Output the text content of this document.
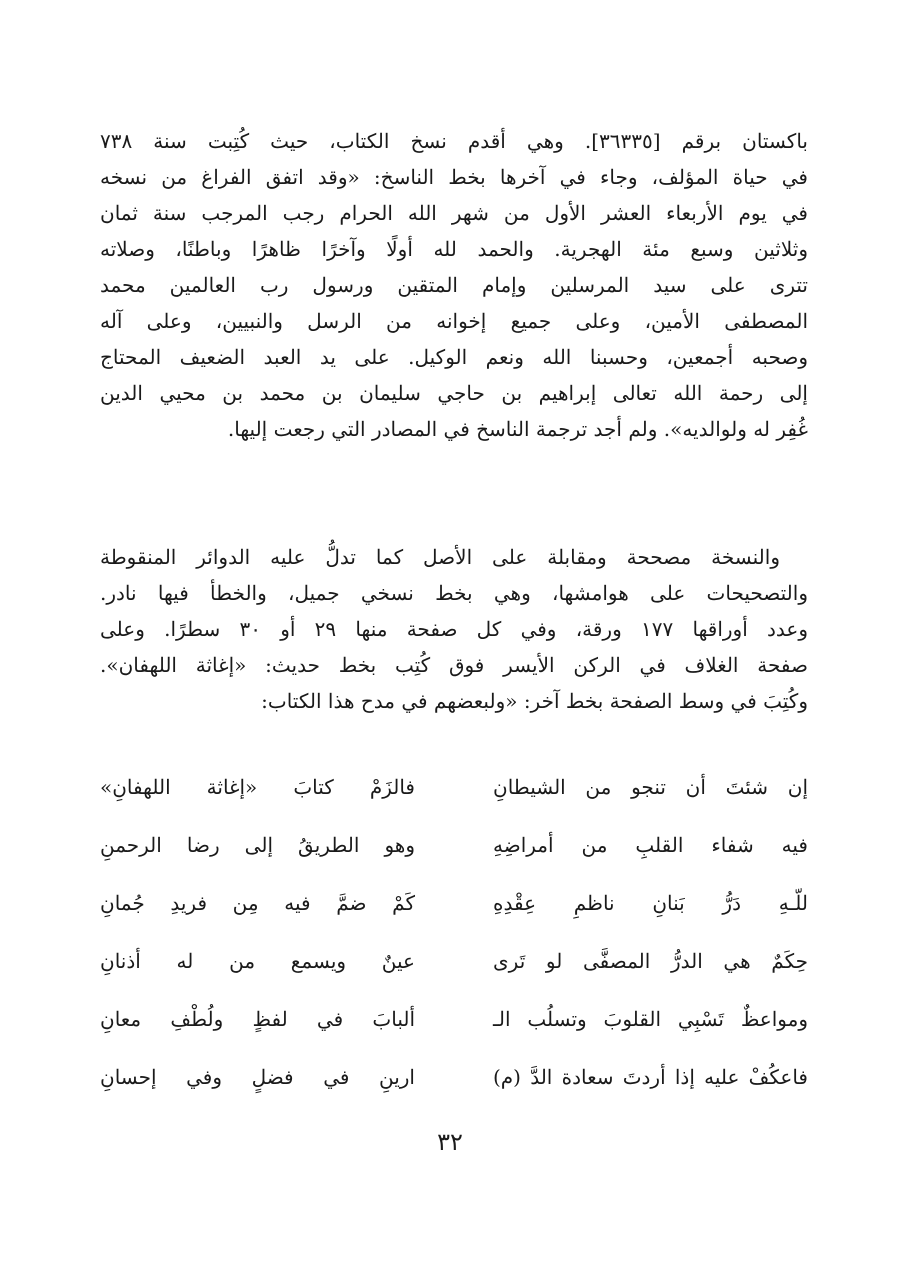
باكستان برقم [٣٦٣٣٥]. وهي أقدم نسخ الكتاب، حيث كُتِبت سنة ٧٣٨
في حياة المؤلف، وجاء في آخرها بخط الناسخ: «وقد اتفق الفراغ من نسخه
في يوم الأربعاء العشر الأول من شهر الله الحرام رجب المرجب سنة ثمان
وثلاثين وسبع مئة الهجرية. والحمد لله أولًا وآخرًا ظاهرًا وباطنًا، وصلاته
تترى على سيد المرسلين وإمام المتقين ورسول رب العالمين محمد
المصطفى الأمين، وعلى جميع إخوانه من الرسل والنبيين، وعلى آله
وصحبه أجمعين، وحسبنا الله ونعم الوكيل. على يد العبد الضعيف المحتاج
إلى رحمة الله تعالى إبراهيم بن حاجي سليمان بن محمد بن محيي الدين
غُفِر له ولوالديه». ولم أجد ترجمة الناسخ في المصادر التي رجعت إليها.
والنسخة مصححة ومقابلة على الأصل كما تدلُّ عليه الدوائر المنقوطة
والتصحيحات على هوامشها، وهي بخط نسخي جميل، والخطأ فيها نادر.
وعدد أوراقها ١٧٧ ورقة، وفي كل صفحة منها ٢٩ أو ٣٠ سطرًا. وعلى
صفحة الغلاف في الركن الأيسر فوق كُتِب بخط حديث: «إغاثة اللهفان».
وكُتِبَ في وسط الصفحة بخط آخر: «ولبعضهم في مدح هذا الكتاب:
إن شئتَ أن تنجو من الشيطانِ
فالزَمْ كتابَ «إغاثة اللهفانِ»
فيه شفاء القلبِ من أمراضِهِ
وهو الطريقُ إلى رضا الرحمنِ
للّـهِ دَرُّ بَنانِ ناظمِ عِقْدِهِ
كَمْ ضمَّ فيه مِن فريدِ جُمانِ
حِكَمٌ هي الدرُّ المصفَّى لو تَرى
عينٌ ويسمع من له أذنانِ
ومواعظٌ تَسْبِي القلوبَ وتسلُب الـ
ألبابَ في لفظٍ ولُطْفِ معانِ
فاعكُفْ عليه إذا أردتَ سعادة الدَّ (م)
ارينِ في فضلٍ وفي إحسانِ
٣٢
